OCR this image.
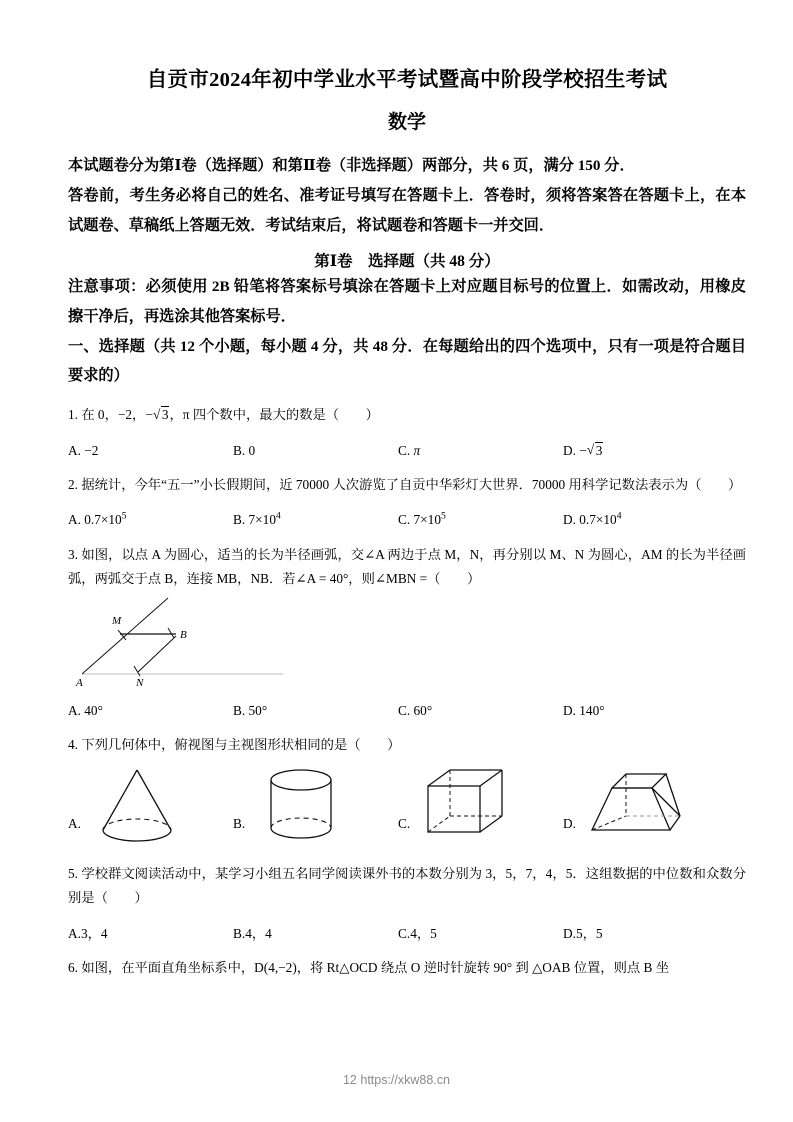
自贡市2024年初中学业水平考试暨高中阶段学校招生考试
数学

本试题卷分为第Ⅰ卷（选择题）和第Ⅱ卷（非选择题）两部分，共 6 页，满分 150 分．

答卷前，考生务必将自己的姓名、准考证号填写在答题卡上．答卷时，须将答案答在答题卡上，在本试题卷、草稿纸上答题无效．考试结束后，将试题卷和答题卡一并交回．

第Ⅰ卷　选择题（共 48 分）

注意事项：必须使用 2B 铅笔将答案标号填涂在答题卡上对应题目标号的位置上．如需改动，用橡皮擦干净后，再选涂其他答案标号．

一、选择题（共 12 个小题，每小题 4 分，共 48 分．在每题给出的四个选项中，只有一项是符合题目要求的）

1. 在 0，−2，− √ 3，π 四个数中，最大的数是（　　）
A. −2	B. 0	C. π	D. − √ 3
2. 据统计，今年“五一”小长假期间，近 70000 人次游览了自贡中华彩灯大世界．70000 用科学记数法表示为（　　）
A. $0.7\times 10^5$	B. $7\times 10^4$	C. $7\times 10^5$	D. $0.7\times 10^4$
3. 如图，以点 A 为圆心，适当的长为半径画弧，交∠A 两边于点 M，N，再分别以 M、N 为圆心，AM 的长为半径画弧，两弧交于点 B，连接 MB，NB．若∠A = 40°，则∠MBN =（　　）
M
B
A	N
A. 40°	B. 50°	C. 60°	D. 140°
4. 下列几何体中，俯视图与主视图形状相同的是（　　）
A.	B.	C.	D.
5. 学校群文阅读活动中，某学习小组五名同学阅读课外书的本数分别为 3，5，7，4，5．这组数据的中位数和众数分别是（　　）
A.3，4	B.4，4	C.4，5	D.5，5
6. 如图，在平面直角坐标系中，D(4,−2)，将 Rt△OCD 绕点 O 逆时针旋转 90° 到 △OAB 位置，则点 B 坐
12 https://xkw88.cn
